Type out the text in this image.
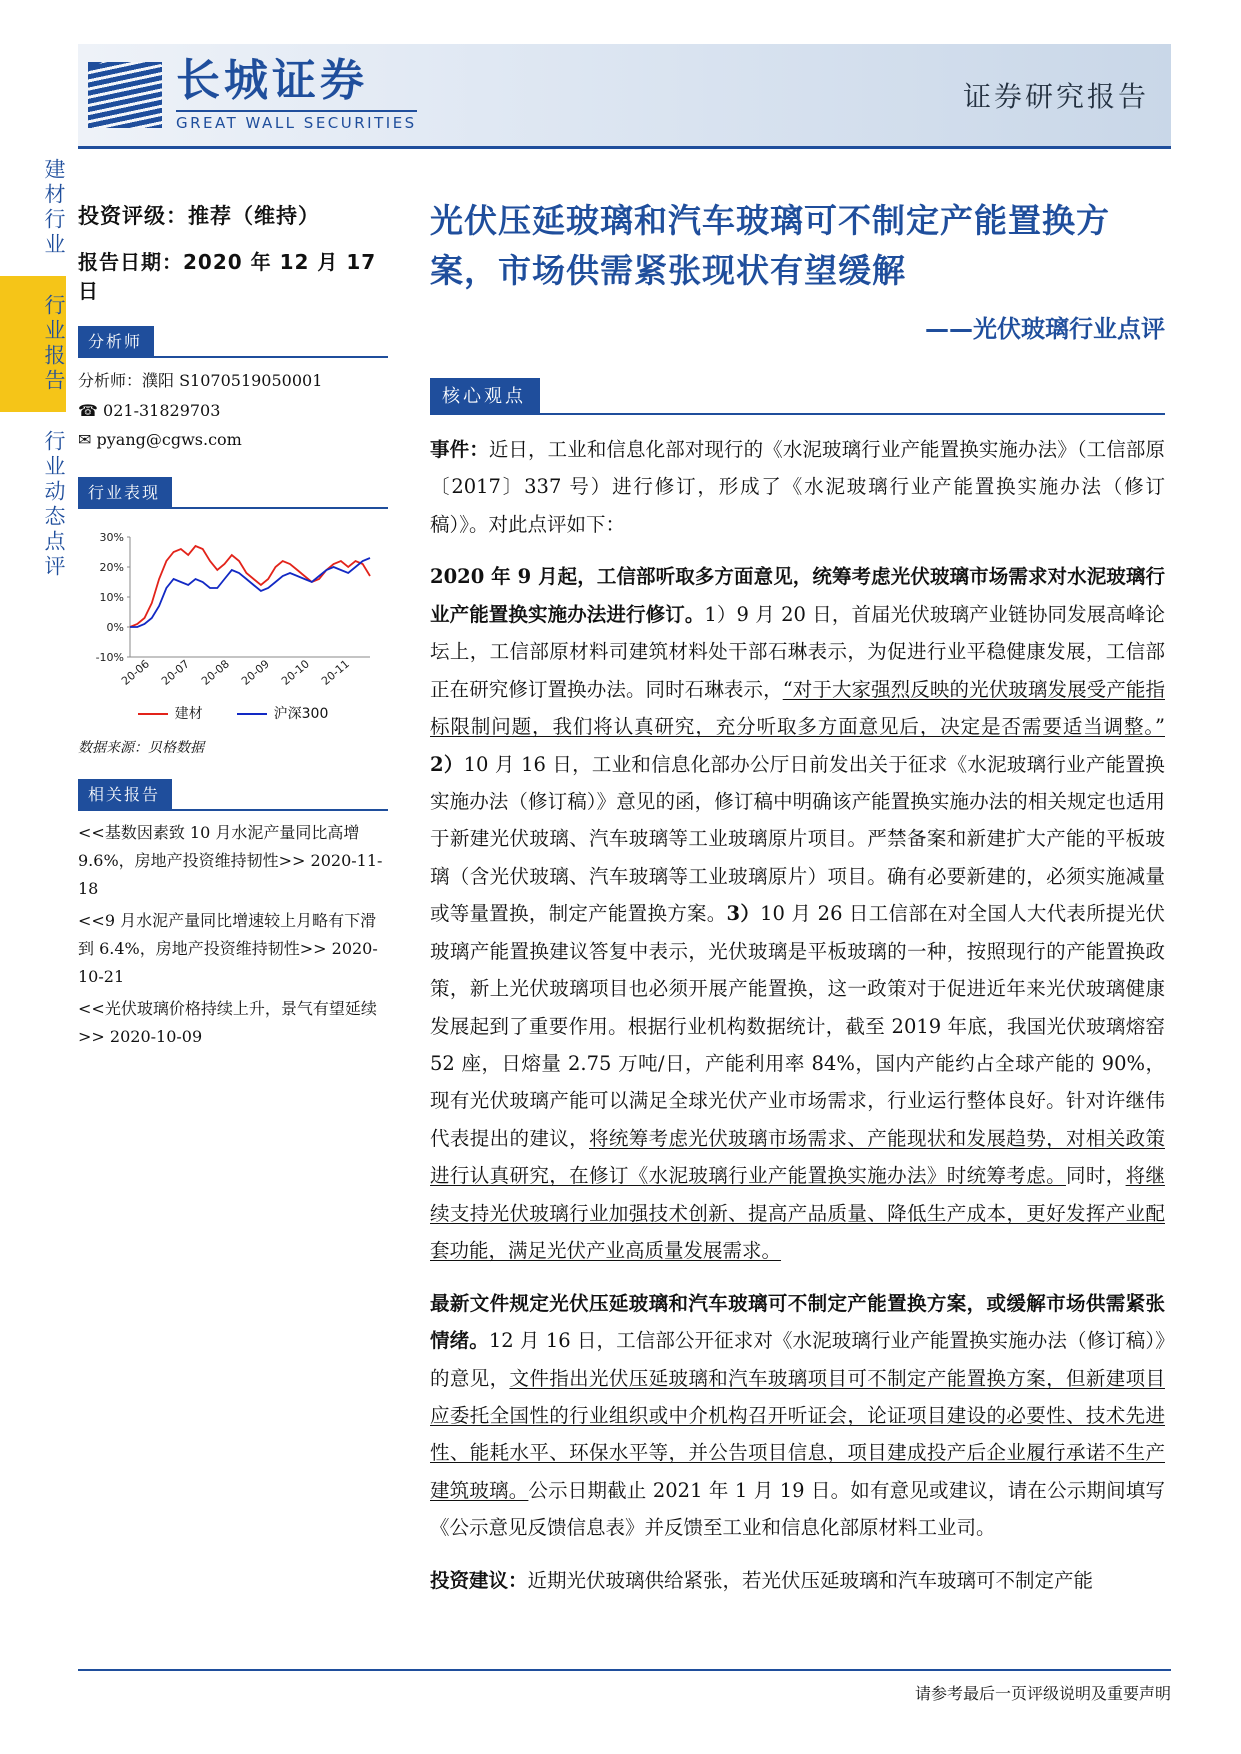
建材行业
行业报告
行业动态点评
长城证券
GREAT WALL SECURITIES
证券研究报告
投资评级：推荐（维持）
报告日期：2020 年 12 月 17 日
分析师
分析师：濮阳 S1070519050001
☎ 021-31829703
✉ pyang@cgws.com
行业表现
-10%
0%
10%
20%
30%
20-06 20-07 20-08 20-09 20-10 20-11
建材	沪深300
数据来源：贝格数据
相关报告

<<基数因素致 10 月水泥产量同比高增 9.6%，房地产投资维持韧性>> 2020-11-18

<<9 月水泥产量同比增速较上月略有下滑到 6.4%，房地产投资维持韧性>> 2020-10-21

<<光伏玻璃价格持续上升，景气有望延续>> 2020-10-09

光伏压延玻璃和汽车玻璃可不制定产能置换方案，市场供需紧张现状有望缓解
——光伏玻璃行业点评
核心观点

事件：近日，工业和信息化部对现行的《水泥玻璃行业产能置换实施办法》（工信部原〔2017〕337 号）进行修订，形成了《水泥玻璃行业产能置换实施办法（修订稿）》。对此点评如下：

2020 年 9 月起，工信部听取多方面意见，统筹考虑光伏玻璃市场需求对水泥玻璃行业产能置换实施办法进行修订。1）9 月 20 日，首届光伏玻璃产业链协同发展高峰论坛上，工信部原材料司建筑材料处干部石琳表示，为促进行业平稳健康发展，工信部正在研究修订置换办法。同时石琳表示，“对于大家强烈反映的光伏玻璃发展受产能指标限制问题，我们将认真研究，充分听取多方面意见后，决定是否需要适当调整。” 2）10 月 16 日，工业和信息化部办公厅日前发出关于征求《水泥玻璃行业产能置换实施办法（修订稿）》意见的函，修订稿中明确该产能置换实施办法的相关规定也适用于新建光伏玻璃、汽车玻璃等工业玻璃原片项目。严禁备案和新建扩大产能的平板玻璃（含光伏玻璃、汽车玻璃等工业玻璃原片）项目。确有必要新建的，必须实施减量或等量置换，制定产能置换方案。3）10 月 26 日工信部在对全国人大代表所提光伏玻璃产能置换建议答复中表示，光伏玻璃是平板玻璃的一种，按照现行的产能置换政策，新上光伏玻璃项目也必须开展产能置换，这一政策对于促进近年来光伏玻璃健康发展起到了重要作用。根据行业机构数据统计，截至 2019 年底，我国光伏玻璃熔窑 52 座，日熔量 2.75 万吨/日，产能利用率 84%，国内产能约占全球产能的 90%，现有光伏玻璃产能可以满足全球光伏产业市场需求，行业运行整体良好。针对许继伟代表提出的建议，将统筹考虑光伏玻璃市场需求、产能现状和发展趋势，对相关政策进行认真研究，在修订《水泥玻璃行业产能置换实施办法》时统筹考虑。同时，将继续支持光伏玻璃行业加强技术创新、提高产品质量、降低生产成本，更好发挥产业配套功能，满足光伏产业高质量发展需求。

最新文件规定光伏压延玻璃和汽车玻璃可不制定产能置换方案，或缓解市场供需紧张情绪。12 月 16 日，工信部公开征求对《水泥玻璃行业产能置换实施办法（修订稿）》的意见，文件指出光伏压延玻璃和汽车玻璃项目可不制定产能置换方案，但新建项目应委托全国性的行业组织或中介机构召开听证会，论证项目建设的必要性、技术先进性、能耗水平、环保水平等，并公告项目信息，项目建成投产后企业履行承诺不生产建筑玻璃。公示日期截止 2021 年 1 月 19 日。如有意见或建议，请在公示期间填写《公示意见反馈信息表》并反馈至工业和信息化部原材料工业司。

投资建议：近期光伏玻璃供给紧张，若光伏压延玻璃和汽车玻璃可不制定产能

请参考最后一页评级说明及重要声明
